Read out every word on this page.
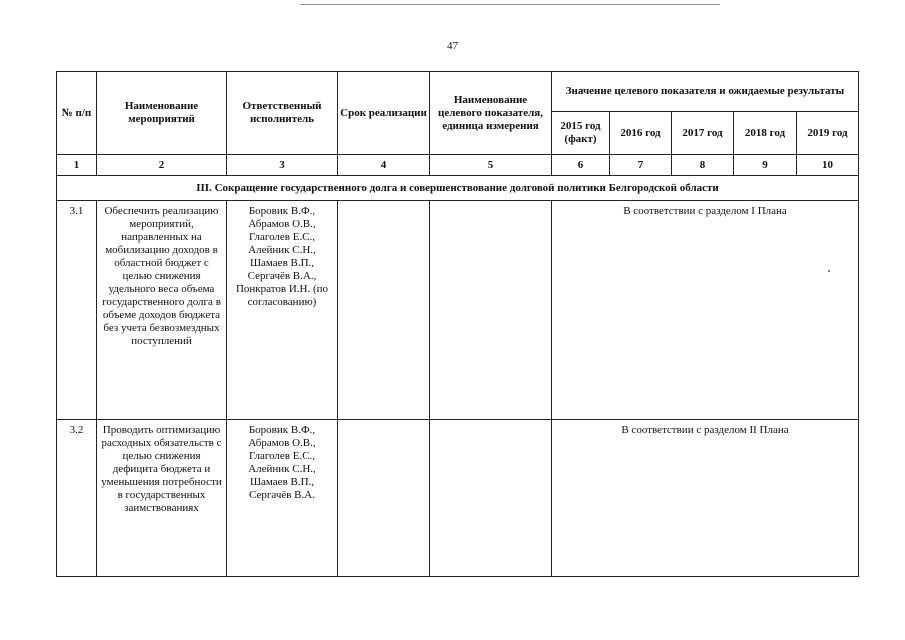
47
№ п/п	Наименование мероприятий	Ответственный исполнитель	Срок реализации	Наименование целевого показателя, единица измерения	Значение целевого показателя и ожидаемые результаты				
					2015 год (факт)	2016 год	2017 год	2018 год	2019 год
1	2	3	4	5	6	7	8	9	10
III. Сокращение государственного долга и совершенствование долговой политики Белгородской области									
3.1	Обеспечить реализацию мероприятий, направленных на мобилизацию доходов в областной бюджет с целью снижения удельного веса объема государственного долга в объеме доходов бюджета без учета безвозмездных поступлений	Боровик В.Ф., Абрамов О.В., Глаголев Е.С., Алейник С.Н., Шамаев В.П., Сергачёв В.А., Понкратов И.Н. (по согласованию)			В соответствии с разделом I Плана				
3.2	Проводить оптимизацию расходных обязательств с целью снижения дефицита бюджета и уменьшения потребности в государственных заимствованиях	Боровик В.Ф., Абрамов О.В., Глаголев Е.С., Алейник С.Н., Шамаев В.П., Сергачёв В.А.			В соответствии с разделом II Плана				
